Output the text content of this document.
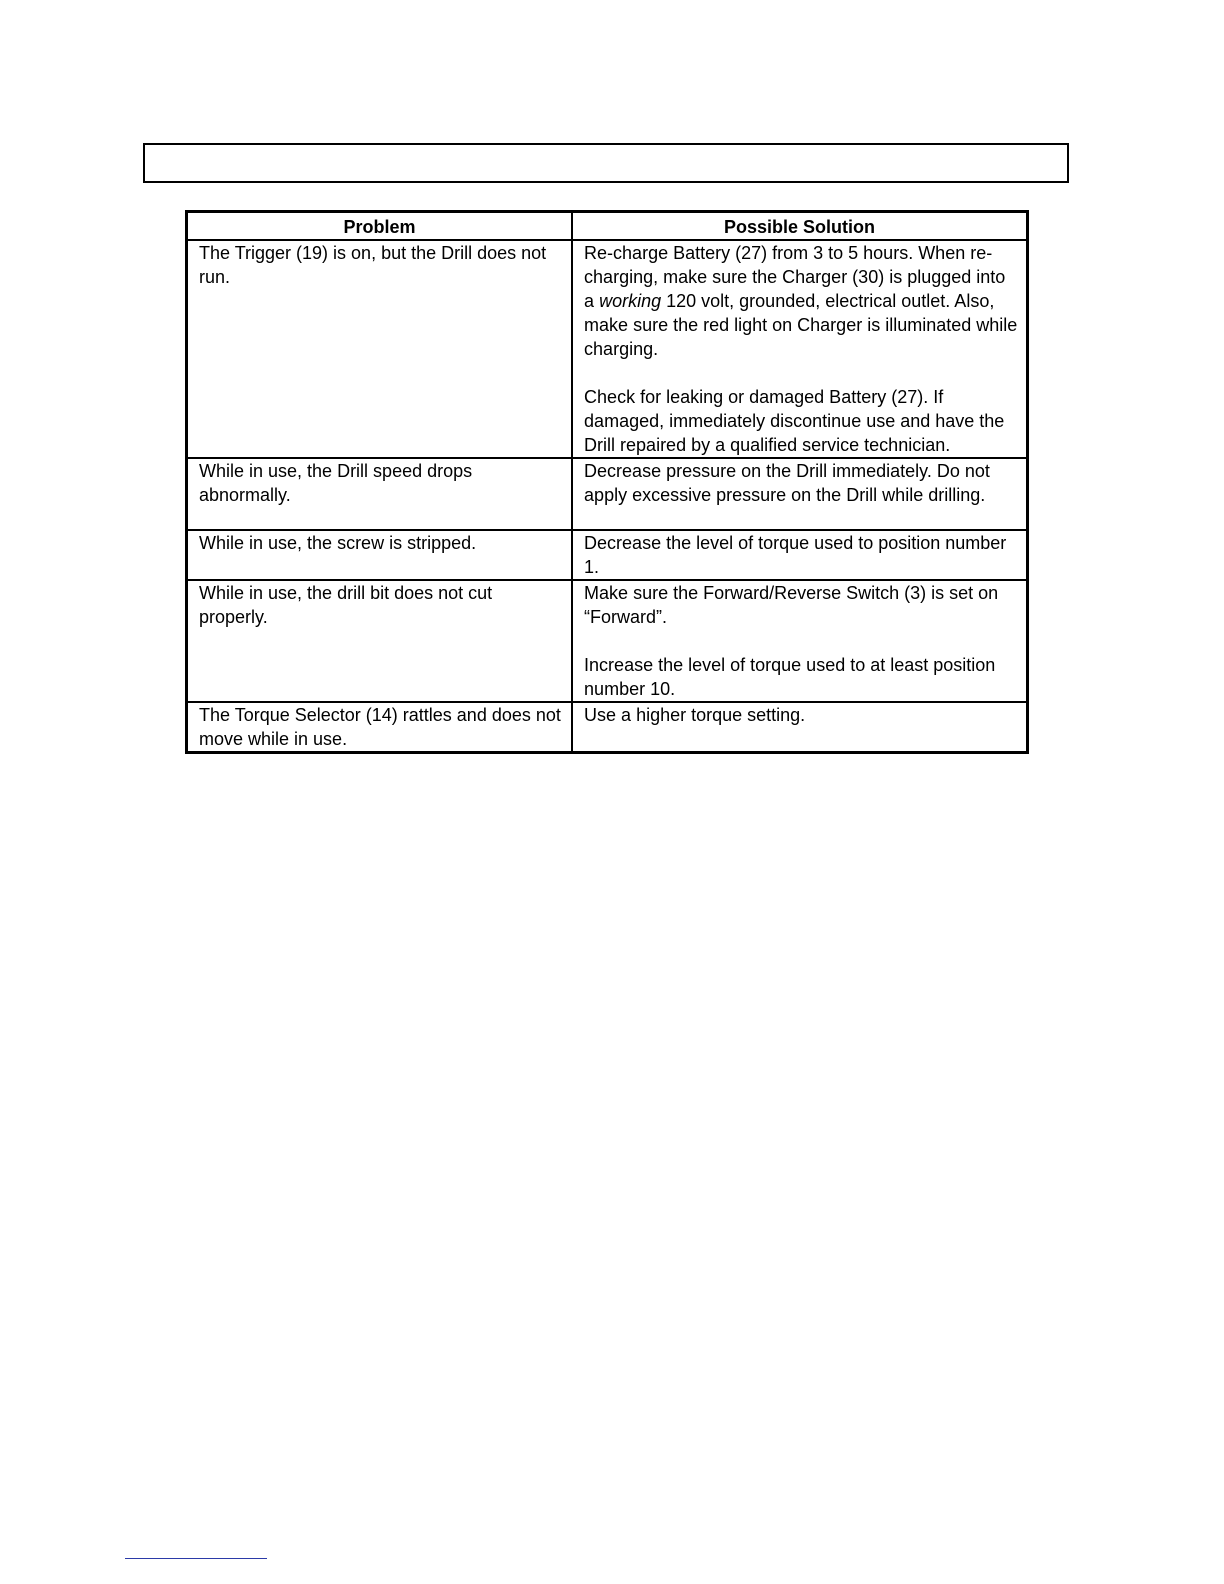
Problem	Possible Solution
The Trigger (19) is on, but the Drill does not run.	Re-charge Battery (27) from 3 to 5 hours. When re-charging, make sure the Charger (30) is plugged into a working 120 volt, grounded, electrical outlet. Also, make sure the red light on Charger is illuminated while charging.
Check for leaking or damaged Battery (27). If damaged, immediately discontinue use and have the Drill repaired by a qualified service technician.

While in use, the Drill speed drops abnormally.	Decrease pressure on the Drill immediately. Do not apply excessive pressure on the Drill while drilling.
While in use, the screw is stripped.	Decrease the level of torque used to position number 1.
While in use, the drill bit does not cut properly.	Make sure the Forward/Reverse Switch (3) is set on “Forward”.
Increase the level of torque used to at least position number 10.

The Torque Selector (14) rattles and does not move while in use.	Use a higher torque setting.
